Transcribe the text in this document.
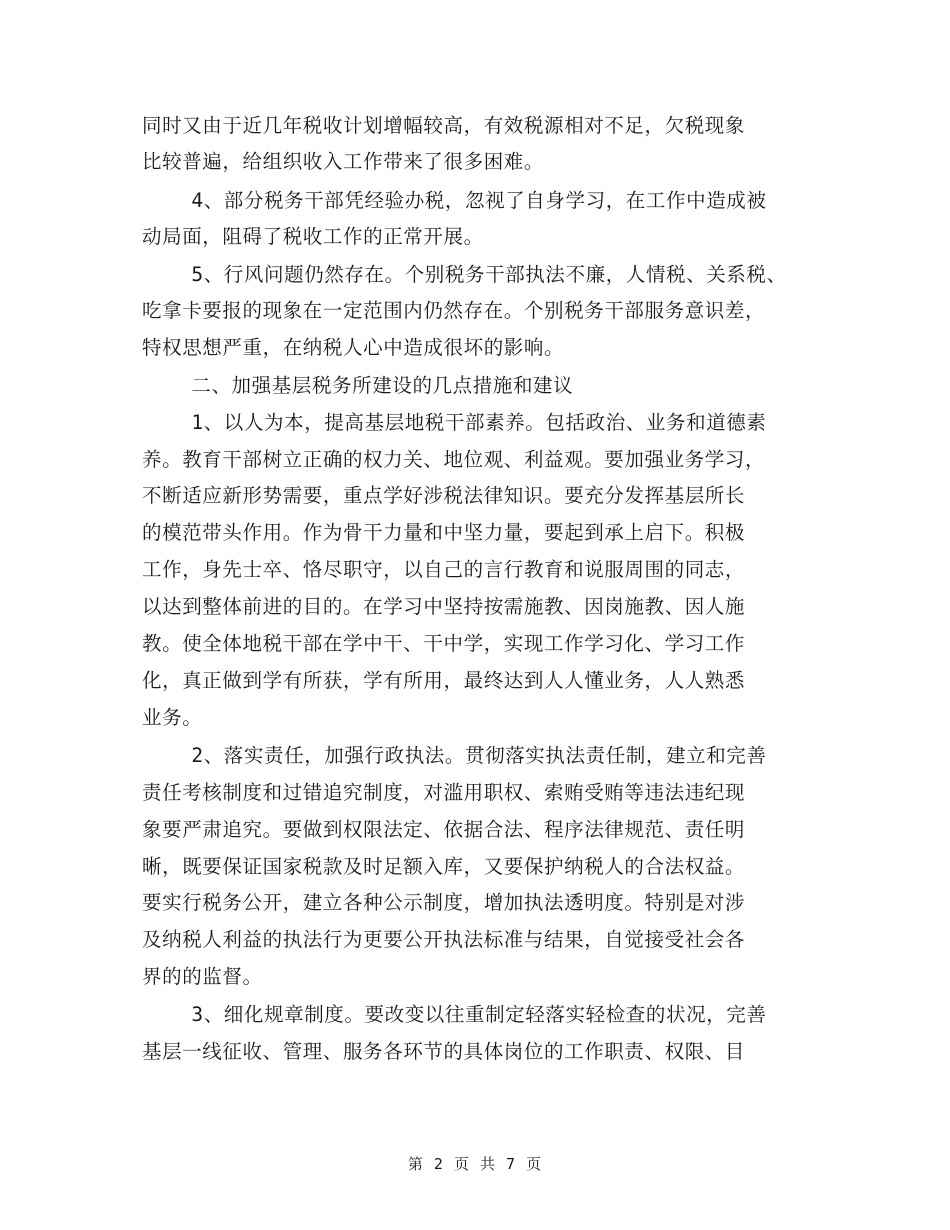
同时又由于近几年税收计划增幅较高，有效税源相对不足，欠税现象
比较普遍，给组织收入工作带来了很多困难。
4、部分税务干部凭经验办税，忽视了自身学习，在工作中造成被
动局面，阻碍了税收工作的正常开展。
5、行风问题仍然存在。个别税务干部执法不廉，人情税、关系税、
吃拿卡要报的现象在一定范围内仍然存在。个别税务干部服务意识差，
特权思想严重，在纳税人心中造成很坏的影响。
二、加强基层税务所建设的几点措施和建议
1、以人为本，提高基层地税干部素养。包括政治、业务和道德素
养。教育干部树立正确的权力关、地位观、利益观。要加强业务学习，
不断适应新形势需要，重点学好涉税法律知识。要充分发挥基层所长
的模范带头作用。作为骨干力量和中坚力量，要起到承上启下。积极
工作，身先士卒、恪尽职守，以自己的言行教育和说服周围的同志，
以达到整体前进的目的。在学习中坚持按需施教、因岗施教、因人施
教。使全体地税干部在学中干、干中学，实现工作学习化、学习工作
化，真正做到学有所获，学有所用，最终达到人人懂业务，人人熟悉
业务。
2、落实责任，加强行政执法。贯彻落实执法责任制，建立和完善
责任考核制度和过错追究制度，对滥用职权、索贿受贿等违法违纪现
象要严肃追究。要做到权限法定、依据合法、程序法律规范、责任明
晰，既要保证国家税款及时足额入库，又要保护纳税人的合法权益。
要实行税务公开，建立各种公示制度，增加执法透明度。特别是对涉
及纳税人利益的执法行为更要公开执法标准与结果，自觉接受社会各
界的的监督。
3、细化规章制度。要改变以往重制定轻落实轻检查的状况，完善
基层一线征收、管理、服务各环节的具体岗位的工作职责、权限、目
第 2 页 共 7 页
